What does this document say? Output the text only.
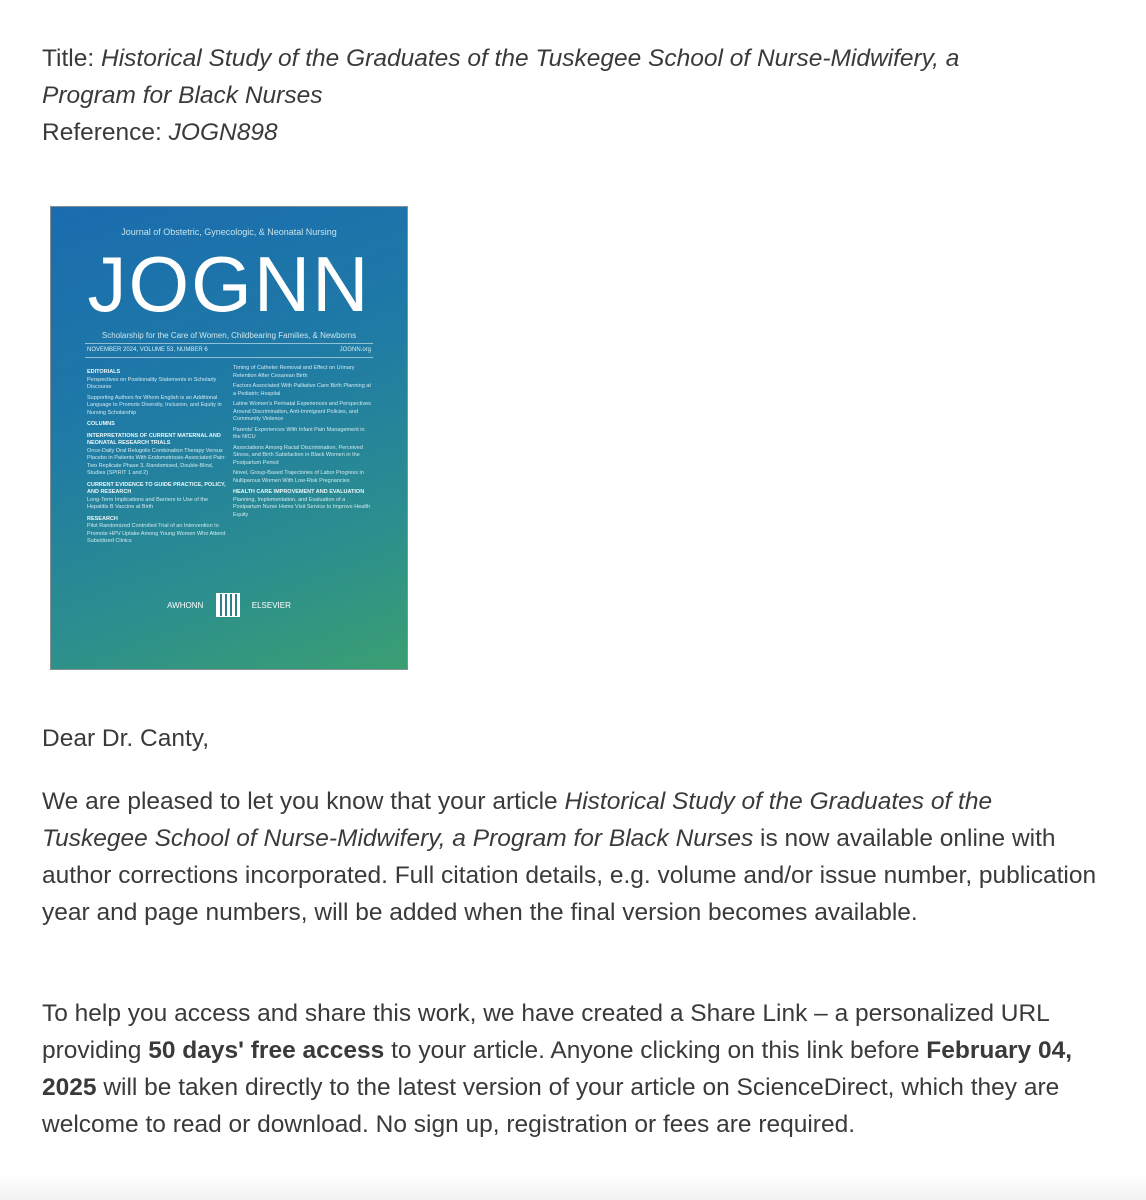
Title: Historical Study of the Graduates of the Tuskegee School of Nurse-Midwifery, a
Program for Black Nurses

Reference: JOGN898

Journal of Obstetric, Gynecologic, & Neonatal Nursing
JOGNN
Scholarship for the Care of Women, Childbearing Families, & Newborns
NOVEMBER 2024, VOLUME 53, NUMBER 6	JOGNN.org
EDITORIALS
Perspectives on Positionality Statements in Scholarly Discourse
Supporting Authors for Whom English is an Additional Language to Promote Diversity, Inclusion, and Equity in Nursing Scholarship
COLUMNS
INTERPRETATIONS OF CURRENT MATERNAL AND NEONATAL RESEARCH TRIALS
Once-Daily Oral Relugolix Combination Therapy Versus Placebo in Patients With Endometriosis-Associated Pain: Two Replicate Phase 3, Randomised, Double-Blind, Studies (SPIRIT 1 and 2)
CURRENT EVIDENCE TO GUIDE PRACTICE, POLICY, AND RESEARCH
Long-Term Implications and Barriers to Use of the Hepatitis B Vaccine at Birth
RESEARCH
Pilot Randomized Controlled Trial of an Intervention to Promote HPV Uptake Among Young Women Who Attend Subsidized Clinics
Timing of Catheter Removal and Effect on Urinary Retention After Cesarean Birth
Factors Associated With Palliative Care Birth Planning at a Pediatric Hospital
Latine Women's Perinatal Experiences and Perspectives Around Discrimination, Anti-Immigrant Policies, and Community Violence
Parents' Experiences With Infant Pain Management in the NICU
Associations Among Racial Discrimination, Perceived Stress, and Birth Satisfaction in Black Women in the Postpartum Period
Novel, Group-Based Trajectories of Labor Progress in Nulliparous Women With Low-Risk Pregnancies
HEALTH CARE IMPROVEMENT AND EVALUATION
Planning, Implementation, and Evaluation of a Postpartum Nurse Home Visit Service to Improve Health Equity
AWHONN	ELSEVIER

Dear Dr. Canty,

We are pleased to let you know that your article Historical Study of the Graduates of the Tuskegee School of Nurse-Midwifery, a Program for Black Nurses is now available online with author corrections incorporated. Full citation details, e.g. volume and/or issue number, publication year and page numbers, will be added when the final version becomes available.

To help you access and share this work, we have created a Share Link – a personalized URL providing 50 days' free access to your article. Anyone clicking on this link before February 04, 2025 will be taken directly to the latest version of your article on ScienceDirect, which they are welcome to read or download. No sign up, registration or fees are required.
